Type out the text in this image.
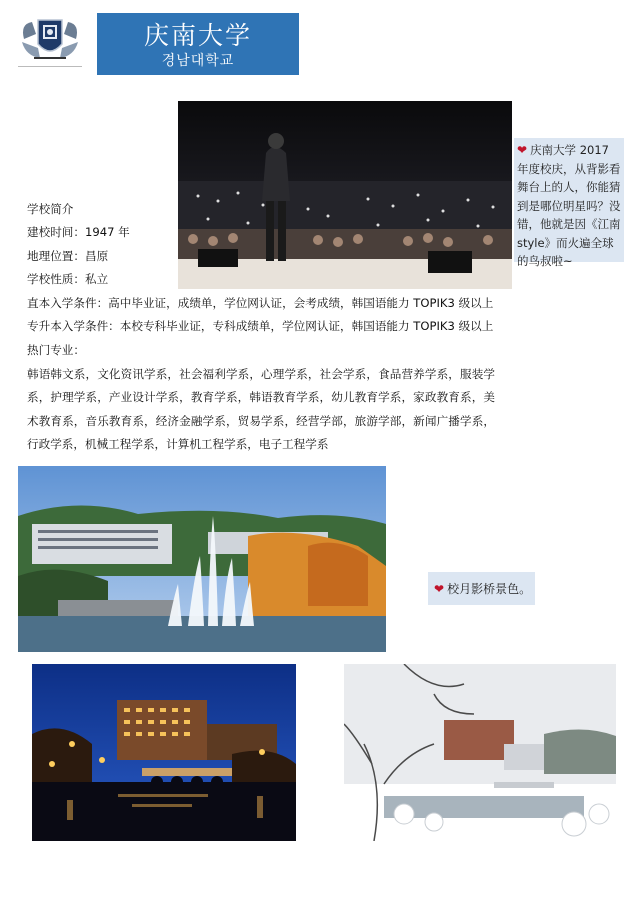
庆南大学
경남대학교
❤ 庆南大学 2017 年度校庆，从背影看舞台上的人，你能猜到是哪位明星吗？没错，他就是因《江南style》而火遍全球的鸟叔啦~
学校简介
建校时间：1947 年
地理位置：昌原
学校性质：私立
直本入学条件：高中毕业证，成绩单，学位网认证，会考成绩，韩国语能力 TOPIK3 级以上
专升本入学条件：本校专科毕业证，专科成绩单，学位网认证，韩国语能力 TOPIK3 级以上
热门专业：
韩语韩文系，文化资讯学系，社会福利学系，心理学系，社会学系，食品营养学系，服装学系，护理学系，产业设计学系，教育学系，韩语教育学系，幼儿教育学系，家政教育系，美术教育系，音乐教育系，经济金融学系，贸易学系，经营学部，旅游学部，新闻广播学系，行政学系，机械工程学系，计算机工程学系，电子工程学系
❤ 校月影桥景色。
